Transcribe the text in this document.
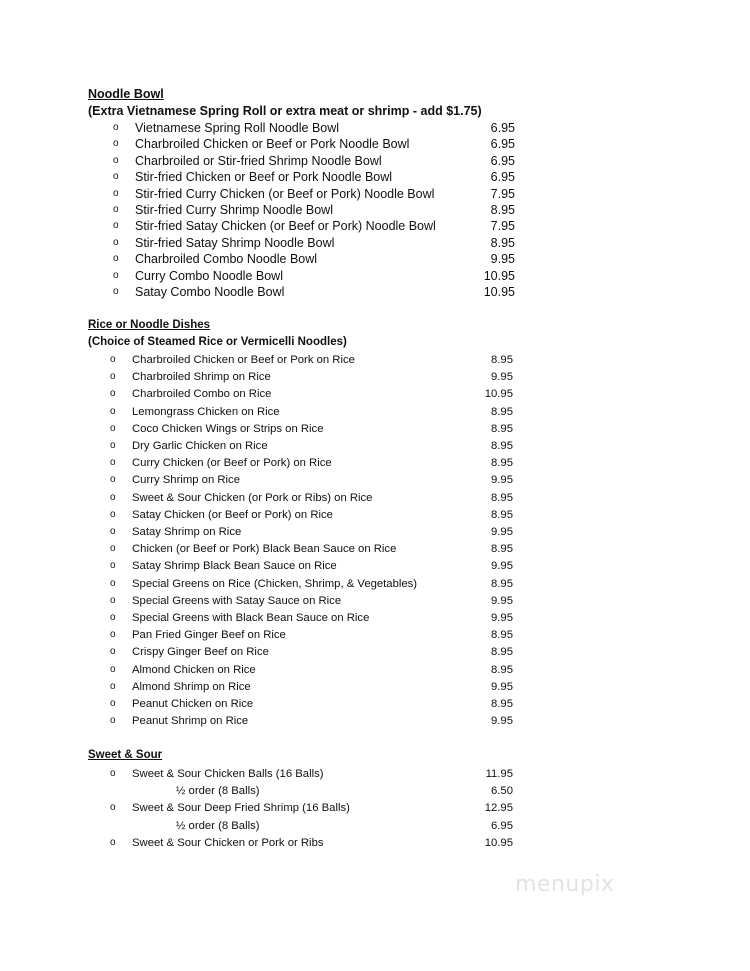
Noodle Bowl
(Extra Vietnamese Spring Roll or extra meat or shrimp - add $1.75)
o Vietnamese Spring Roll Noodle Bowl	6.95
o Charbroiled Chicken or Beef or Pork Noodle Bowl	6.95
o Charbroiled or Stir-fried Shrimp Noodle Bowl	6.95
o Stir-fried Chicken or Beef or Pork Noodle Bowl	6.95
o Stir-fried Curry Chicken (or Beef or Pork) Noodle Bowl	7.95
o Stir-fried Curry Shrimp Noodle Bowl	8.95
o Stir-fried Satay Chicken (or Beef or Pork) Noodle Bowl	7.95
o Stir-fried Satay Shrimp Noodle Bowl	8.95
o Charbroiled Combo Noodle Bowl	9.95
o Curry Combo Noodle Bowl	10.95
o Satay Combo Noodle Bowl	10.95
Rice or Noodle Dishes
(Choice of Steamed Rice or Vermicelli Noodles)
o Charbroiled Chicken or Beef or Pork on Rice	8.95
o Charbroiled Shrimp on Rice	9.95
o Charbroiled Combo on Rice	10.95
o Lemongrass Chicken on Rice	8.95
o Coco Chicken Wings or Strips on Rice	8.95
o Dry Garlic Chicken on Rice	8.95
o Curry Chicken (or Beef or Pork) on Rice	8.95
o Curry Shrimp on Rice	9.95
o Sweet & Sour Chicken (or Pork or Ribs) on Rice	8.95
o Satay Chicken (or Beef or Pork) on Rice	8.95
o Satay Shrimp on Rice	9.95
o Chicken (or Beef or Pork) Black Bean Sauce on Rice	8.95
o Satay Shrimp Black Bean Sauce on Rice	9.95
o Special Greens on Rice (Chicken, Shrimp, & Vegetables)	8.95
o Special Greens with Satay Sauce on Rice	9.95
o Special Greens with Black Bean Sauce on Rice	9.95
o Pan Fried Ginger Beef on Rice	8.95
o Crispy Ginger Beef on Rice	8.95
o Almond Chicken on Rice	8.95
o Almond Shrimp on Rice	9.95
o Peanut Chicken on Rice	8.95
o Peanut Shrimp on Rice	9.95
Sweet & Sour
o Sweet & Sour Chicken Balls (16 Balls)	11.95
½ order (8 Balls)	6.50
o Sweet & Sour Deep Fried Shrimp (16 Balls)	12.95
½ order (8 Balls)	6.95
o Sweet & Sour Chicken or Pork or Ribs	10.95
menupix
